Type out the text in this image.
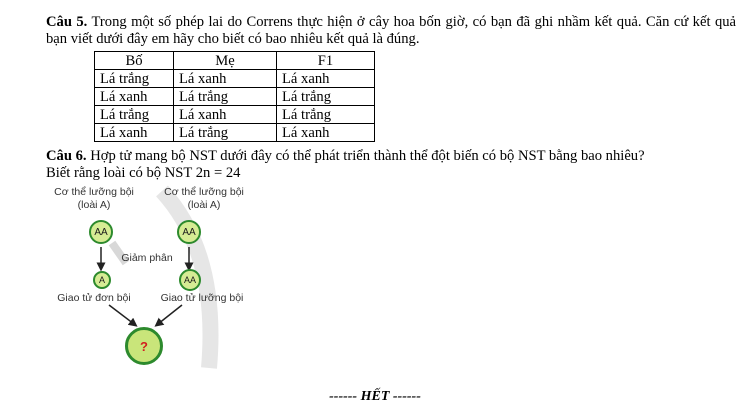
Câu 5. Trong một số phép lai do Correns thực hiện ở cây hoa bốn giờ, có bạn đã ghi nhầm kết quả. Căn cứ kết quả bạn viết dưới đây em hãy cho biết có bao nhiêu kết quả là đúng.
Bố	Mẹ	F1
Lá trắng	Lá xanh	Lá xanh
Lá xanh	Lá trắng	Lá trắng
Lá trắng	Lá xanh	Lá trắng
Lá xanh	Lá trắng	Lá xanh
Câu 6. Hợp tử mang bộ NST dưới đây có thể phát triển thành thể đột biến có bộ NST bằng bao nhiêu?
Biết rằng loài có bộ NST 2n = 24
Cơ thể lưỡng bội
(loài A)
Cơ thể lưỡng bội
(loài A)
AA	AA
Giảm phân
A	AA
Giao tử đơn bội	Giao tử lưỡng bội
?
------ HẾT ------
